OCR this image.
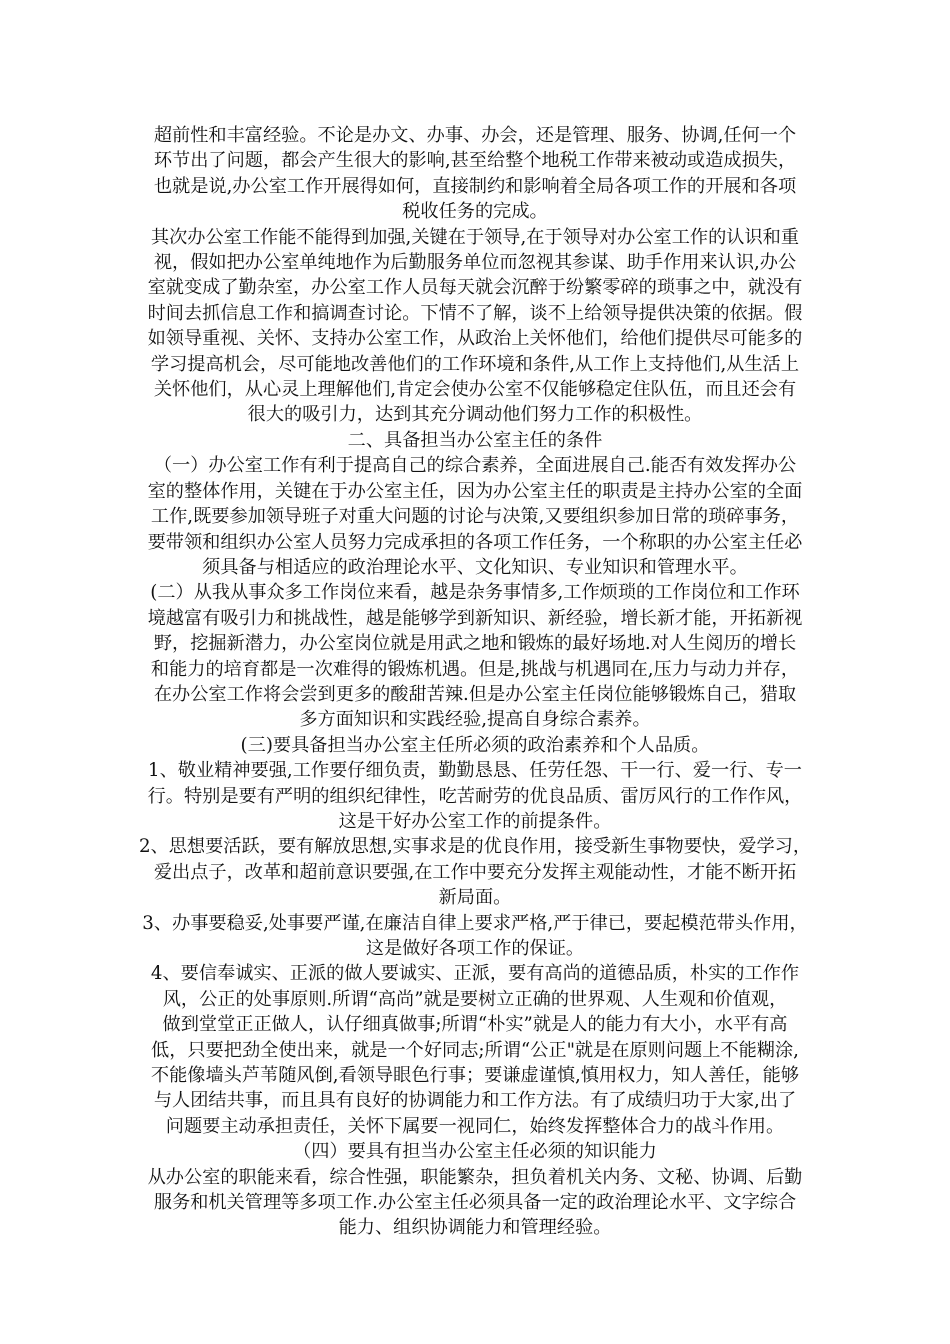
超前性和丰富经验。不论是办文、办事、办会，还是管理、服务、协调,任何一个
环节出了问题，都会产生很大的影响,甚至给整个地税工作带来被动或造成损失，
也就是说,办公室工作开展得如何，直接制约和影响着全局各项工作的开展和各项
税收任务的完成。
其次办公室工作能不能得到加强,关键在于领导,在于领导对办公室工作的认识和重
视，假如把办公室单纯地作为后勤服务单位而忽视其参谋、助手作用来认识,办公
室就变成了勤杂室，办公室工作人员每天就会沉醉于纷繁零碎的琐事之中，就没有
时间去抓信息工作和搞调查讨论。下情不了解，谈不上给领导提供决策的依据。假
如领导重视、关怀、支持办公室工作，从政治上关怀他们，给他们提供尽可能多的
学习提高机会，尽可能地改善他们的工作环境和条件,从工作上支持他们,从生活上
关怀他们，从心灵上理解他们,肯定会使办公室不仅能够稳定住队伍，而且还会有
很大的吸引力，达到其充分调动他们努力工作的积极性。
二、具备担当办公室主任的条件
（一）办公室工作有利于提高自己的综合素养，全面进展自己.能否有效发挥办公
室的整体作用，关键在于办公室主任，因为办公室主任的职责是主持办公室的全面
工作,既要参加领导班子对重大问题的讨论与决策,又要组织参加日常的琐碎事务，
要带领和组织办公室人员努力完成承担的各项工作任务，一个称职的办公室主任必
须具备与相适应的政治理论水平、文化知识、专业知识和管理水平。
(二）从我从事众多工作岗位来看，越是杂务事情多,工作烦琐的工作岗位和工作环
境越富有吸引力和挑战性，越是能够学到新知识、新经验，增长新才能，开拓新视
野，挖掘新潜力，办公室岗位就是用武之地和锻炼的最好场地.对人生阅历的增长
和能力的培育都是一次难得的锻炼机遇。但是,挑战与机遇同在,压力与动力并存，
在办公室工作将会尝到更多的酸甜苦辣.但是办公室主任岗位能够锻炼自己，猎取
多方面知识和实践经验,提高自身综合素养。
(三)要具备担当办公室主任所必须的政治素养和个人品质。
1、敬业精神要强,工作要仔细负责，勤勤恳恳、任劳任怨、干一行、爱一行、专一
行。特别是要有严明的组织纪律性，吃苦耐劳的优良品质、雷厉风行的工作作风，
这是干好办公室工作的前提条件。
2、思想要活跃，要有解放思想,实事求是的优良作用，接受新生事物要快，爱学习，
爱出点子，改革和超前意识要强,在工作中要充分发挥主观能动性，才能不断开拓
新局面。
3、办事要稳妥,处事要严谨,在廉洁自律上要求严格,严于律已，要起模范带头作用，
这是做好各项工作的保证。
4、要信奉诚实、正派的做人要诚实、正派，要有高尚的道德品质，朴实的工作作
风，公正的处事原则.所谓“高尚”就是要树立正确的世界观、人生观和价值观，
做到堂堂正正做人，认仔细真做事;所谓“朴实”就是人的能力有大小，水平有高
低，只要把劲全使出来，就是一个好同志;所谓“公正"就是在原则问题上不能糊涂,
不能像墙头芦苇随风倒,看领导眼色行事；要谦虚谨慎,慎用权力，知人善任，能够
与人团结共事，而且具有良好的协调能力和工作方法。有了成绩归功于大家,出了
问题要主动承担责任，关怀下属要一视同仁，始终发挥整体合力的战斗作用。
（四）要具有担当办公室主任必须的知识能力
从办公室的职能来看，综合性强，职能繁杂，担负着机关内务、文秘、协调、后勤
服务和机关管理等多项工作.办公室主任必须具备一定的政治理论水平、文字综合
能力、组织协调能力和管理经验。
